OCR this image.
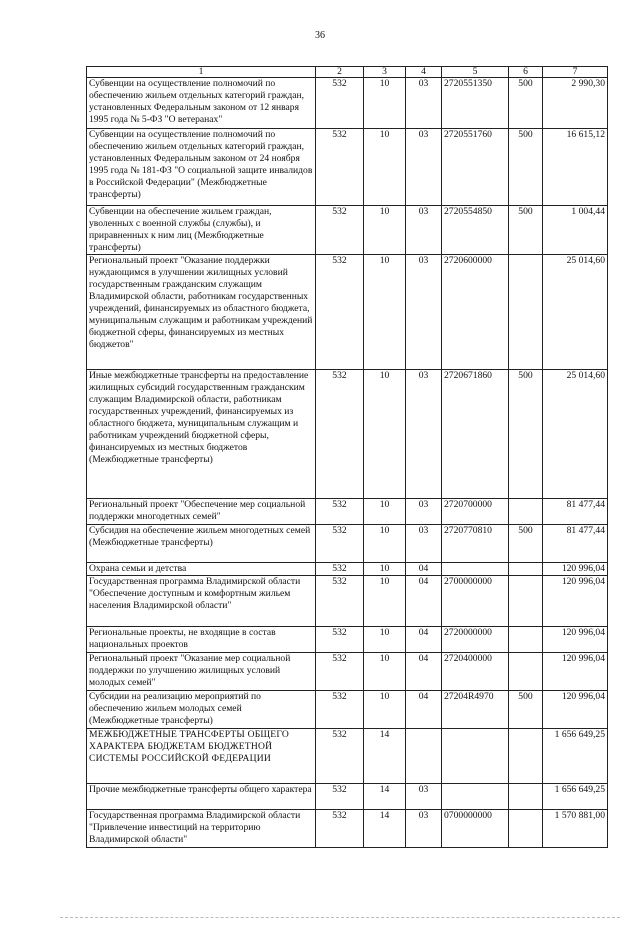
36
1	2	3	4	5	6	7
Субвенции на осуществление полномочий по обеспечению жильем отдельных категорий граждан, установленных Федеральным законом от 12 января 1995 года № 5-ФЗ "О ветеранах"	532	10	03	2720551350	500	2 990,30
Субвенции на осуществление полномочий по обеспечению жильем отдельных категорий граждан, установленных Федеральным законом от 24 ноября 1995 года № 181-ФЗ "О социальной защите инвалидов в Российской Федерации" (Межбюджетные трансферты)	532	10	03	2720551760	500	16 615,12
Субвенции на обеспечение жильем граждан, уволенных с военной службы (службы), и приравненных к ним лиц (Межбюджетные трансферты)	532	10	03	2720554850	500	1 004,44
Региональный проект "Оказание поддержки нуждающимся в улучшении жилищных условий государственным гражданским служащим Владимирской области, работникам государственных учреждений, финансируемых из областного бюджета, муниципальным служащим и работникам учреждений бюджетной сферы, финансируемых из местных бюджетов"	532	10	03	2720600000		25 014,60
Иные межбюджетные трансферты на предоставление жилищных субсидий государственным гражданским служащим Владимирской области, работникам государственных учреждений, финансируемых из областного бюджета, муниципальным служащим и работникам учреждений бюджетной сферы, финансируемых из местных бюджетов (Межбюджетные трансферты)	532	10	03	2720671860	500	25 014,60
Региональный проект "Обеспечение мер социальной поддержки многодетных семей"	532	10	03	2720700000		81 477,44
Субсидия на обеспечение жильем многодетных семей (Межбюджетные трансферты)	532	10	03	2720770810	500	81 477,44
Охрана семьи и детства	532	10	04			120 996,04
Государственная программа Владимирской области "Обеспечение доступным и комфортным жильем населения Владимирской области"	532	10	04	2700000000		120 996,04
Региональные проекты, не входящие в состав национальных проектов	532	10	04	2720000000		120 996,04
Региональный проект "Оказание мер социальной поддержки по улучшению жилищных условий молодых семей"	532	10	04	2720400000		120 996,04
Субсидии на реализацию мероприятий по обеспечению жильем молодых семей (Межбюджетные трансферты)	532	10	04	27204R4970	500	120 996,04
МЕЖБЮДЖЕТНЫЕ ТРАНСФЕРТЫ ОБЩЕГО ХАРАКТЕРА БЮДЖЕТАМ БЮДЖЕТНОЙ СИСТЕМЫ РОССИЙСКОЙ ФЕДЕРАЦИИ	532	14				1 656 649,25
Прочие межбюджетные трансферты общего характера	532	14	03			1 656 649,25
Государственная программа Владимирской области "Привлечение инвестиций на территорию Владимирской области"	532	14	03	0700000000		1 570 881,00
